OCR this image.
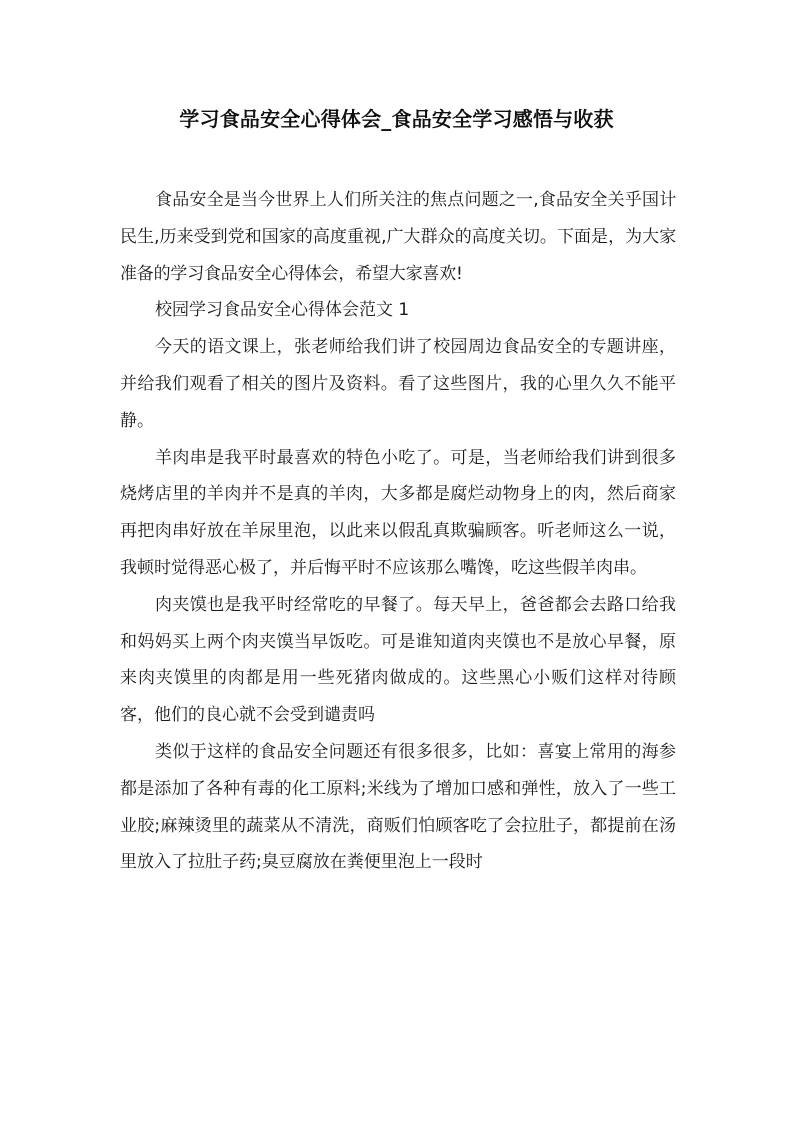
学习食品安全心得体会_食品安全学习感悟与收获

食品安全是当今世界上人们所关注的焦点问题之一,食品安全关乎国计民生,历来受到党和国家的高度重视,广大群众的高度关切。下面是，为大家准备的学习食品安全心得体会，希望大家喜欢!

校园学习食品安全心得体会范文 1

今天的语文课上，张老师给我们讲了校园周边食品安全的专题讲座，并给我们观看了相关的图片及资料。看了这些图片，我的心里久久不能平静。

羊肉串是我平时最喜欢的特色小吃了。可是，当老师给我们讲到很多烧烤店里的羊肉并不是真的羊肉，大多都是腐烂动物身上的肉，然后商家再把肉串好放在羊尿里泡，以此来以假乱真欺骗顾客。听老师这么一说，我顿时觉得恶心极了，并后悔平时不应该那么嘴馋，吃这些假羊肉串。

肉夹馍也是我平时经常吃的早餐了。每天早上，爸爸都会去路口给我和妈妈买上两个肉夹馍当早饭吃。可是谁知道肉夹馍也不是放心早餐，原来肉夹馍里的肉都是用一些死猪肉做成的。这些黑心小贩们这样对待顾客，他们的良心就不会受到谴责吗

类似于这样的食品安全问题还有很多很多，比如：喜宴上常用的海参都是添加了各种有毒的化工原料;米线为了增加口感和弹性，放入了一些工业胶;麻辣烫里的蔬菜从不清洗，商贩们怕顾客吃了会拉肚子，都提前在汤里放入了拉肚子药;臭豆腐放在粪便里泡上一段时
